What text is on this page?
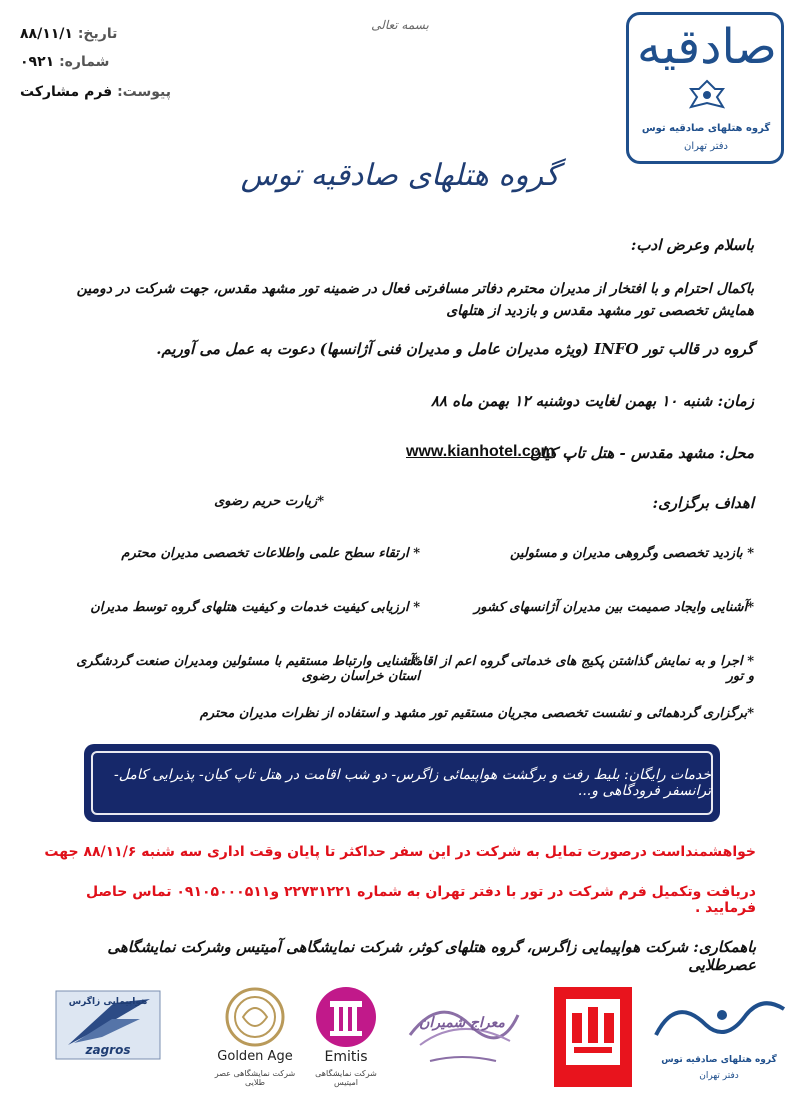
تاریخ: ۸۸/۱۱/۱
شماره: ۰۹۲۱
پیوست: فرم مشارکت
بسمه تعالی	صادقیه
گروه هتلهای صادقیه توس
دفتر تهران
گروه هتلهای صادقیه توس
باسلام وعرض ادب:
باکمال احترام و با افتخار از مدیران محترم دفاتر مسافرتی فعال در ضمینه تور مشهد مقدس، جهت شرکت در دومین همایش تخصصی تور مشهد مقدس و بازدید از هتلهای
گروه در قالب تور INFO (ویژه مدیران عامل و مدیران فنی آژانسها) دعوت به عمل می آوریم.
زمان: شنبه ۱۰ بهمن لغایت دوشنبه ۱۲ بهمن ماه ۸۸
محل: مشهد مقدس - هتل تاپ کیان
www.kianhotel.com
اهداف برگزاری:
*زیارت حریم رضوی
* بازدید تخصصی وگروهی مدیران و مسئولین
* ارتقاء سطح علمی واطلاعات تخصصی مدیران محترم
*آشنایی وایجاد صمیمت بین مدیران آژانسهای کشور
* ارزیابی کیفیت خدمات و کیفیت هتلهای گروه توسط مدیران
* اجرا و به نمایش گذاشتن پکیج های خدماتی گروه اعم از اقامت و تور
*آشنایی وارتباط مستقیم با مسئولین ومدیران صنعت گردشگری استان خراسان رضوی
*برگزاری گردهمائی و نشست تخصصی مجریان مستقیم تور مشهد و استفاده از نظرات مدیران محترم
خدمات رایگان: بلیط رفت و برگشت هواپیمائی زاگرس- دو شب اقامت در هتل تاپ کیان- پذیرایی کامل- ترانسفر فرودگاهی و...
خواهشمنداست درصورت تمایل به شرکت در این سفر حداکثر تا پایان وقت اداری سه شنبه ۸۸/۱۱/۶ جهت
دریافت وتکمیل فرم شرکت در تور با دفتر تهران به شماره ۲۲۷۳۱۲۲۱ و۰۹۱۰۵۰۰۰۵۱۱ تماس حاصل فرمایید .
باهمکاری: شرکت هواپیمایی زاگرس، گروه هتلهای کوثر، شرکت نمایشگاهی آمیتیس وشرکت نمایشگاهی عصرطلایی
هواپیمایی زاگرس
zagros	Golden Age
شرکت نمایشگاهی عصر طلایی
Emitis
شرکت نمایشگاهی امیتیس
معراج شمیران
گروه هتلهای صادقیه توس
دفتر تهران
